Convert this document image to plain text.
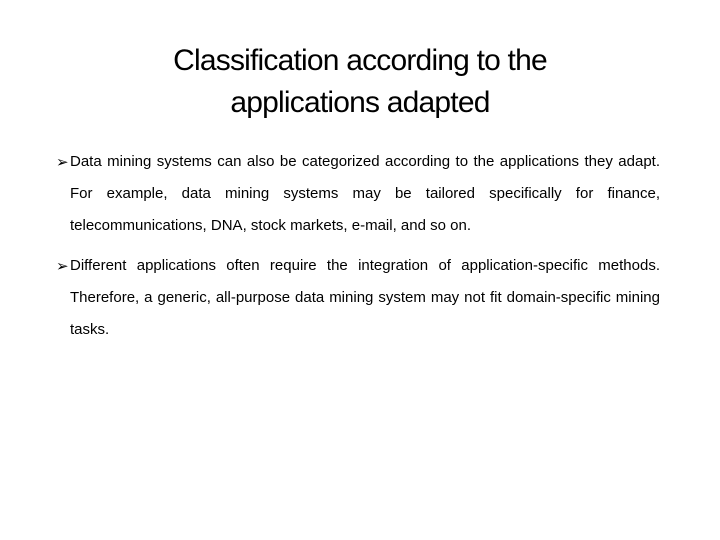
Classification according to the
applications adapted
➢ Data mining systems can also be categorized according to the applications they adapt. For example, data mining systems may be tailored specifically for finance, telecommunications, DNA, stock markets, e-mail, and so on.
➢ Different applications often require the integration of application-specific methods. Therefore, a generic, all-purpose data mining system may not fit domain-specific mining tasks.
